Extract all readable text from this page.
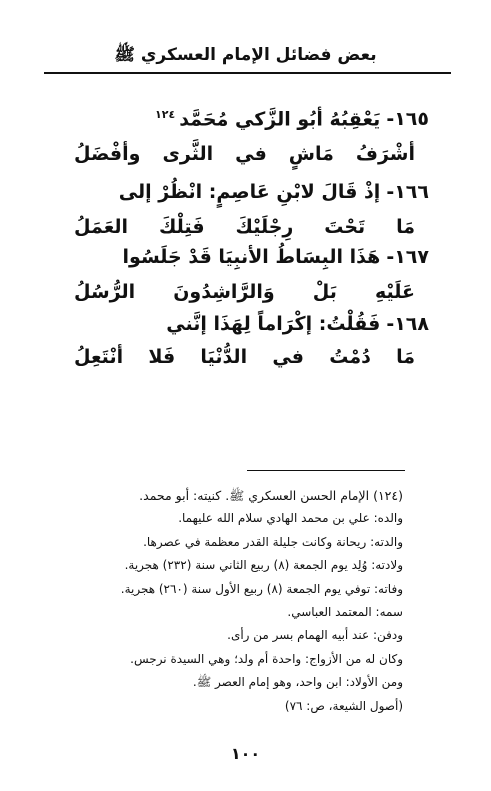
بعض فضائل الإمام العسكري ﷺ
١٦٥-يَعْقِبُهُ أبُو الزَّكي مُحَمَّد$^{١٢٤}$
أشْرَفُ مَاشٍ في الثَّرى وأفْضَلُ
١٦٦-إذْ قَالَ لابْنِ عَاصِمٍ: انْظُرْ إلى
مَا تَحْتَ رِجْلَيْكَ فَتِلْكَ العَمَلُ
١٦٧-هَذَا البِسَاطُ الأنبِيَا قَدْ جَلَسُوا
عَلَيْهِ بَلْ وَالرَّاشِدُونَ الرُّسُلُ
١٦٨-فَقُلْتُ: إكْرَاماً لِهَذَا إنَّني
مَا دُمْتُ في الدُّنْيَا فَلا أنْتَعِلُ
(١٢٤) الإمام الحسن العسكري ﷺ. كنيته: أبو محمد.
والده: علي بن محمد الهادي سلام الله عليهما.
والدته: ريحانة وكانت جليلة القدر معظمة في عصرها.
ولادته: وُلِد يوم الجمعة (٨) ربيع الثاني سنة (٢٣٢) هجرية.
وفاته: توفي يوم الجمعة (٨) ربيع الأول سنة (٢٦٠) هجرية.
سمه: المعتمد العباسي.
ودفن: عند أبيه الهمام بسر من رأى.
وكان له من الأزواج: واحدة أم ولد؛ وهي السيدة نرجس.
ومن الأولاد: ابن واحد، وهو إمام العصر ﷺ.
(أصول الشيعة، ص: ٧٦)
١٠٠
